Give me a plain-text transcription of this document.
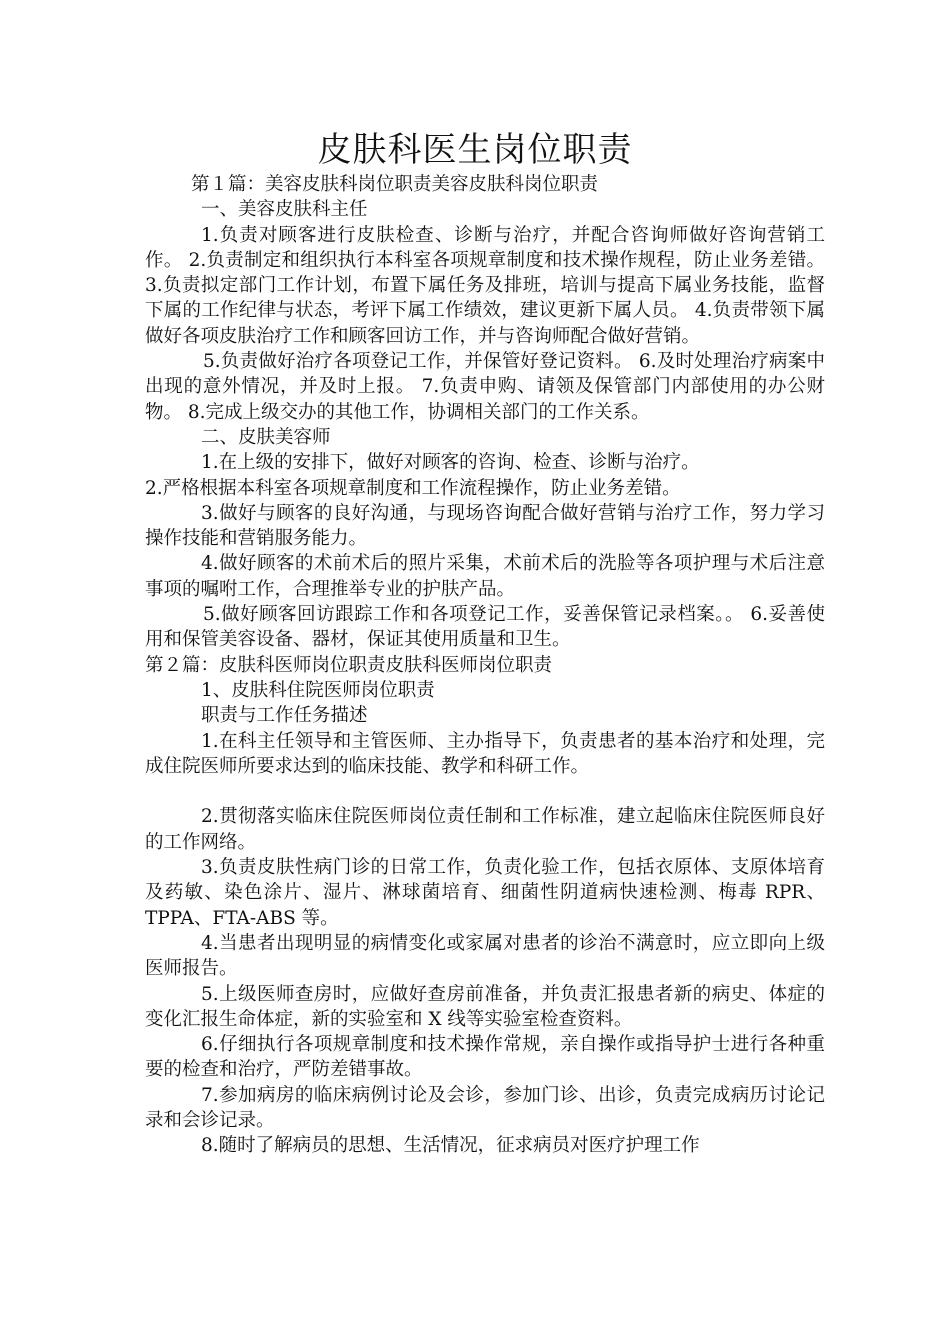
皮肤科医生岗位职责

第１篇：美容皮肤科岗位职责美容皮肤科岗位职责

一、美容皮肤科主任

1.负责对顾客进行皮肤检查、诊断与治疗，并配合咨询师做好咨询营销工作。 2.负责制定和组织执行本科室各项规章制度和技术操作规程，防止业务差错。 3.负责拟定部门工作计划，布置下属任务及排班，培训与提高下属业务技能，监督下属的工作纪律与状态，考评下属工作绩效，建议更新下属人员。 4.负责带领下属做好各项皮肤治疗工作和顾客回访工作，并与咨询师配合做好营销。

5.负责做好治疗各项登记工作，并保管好登记资料。 6.及时处理治疗病案中出现的意外情况，并及时上报。 7.负责申购、请领及保管部门内部使用的办公财物。 8.完成上级交办的其他工作，协调相关部门的工作关系。

二、皮肤美容师

1.在上级的安排下，做好对顾客的咨询、检查、诊断与治疗。

2.严格根据本科室各项规章制度和工作流程操作，防止业务差错。

3.做好与顾客的良好沟通，与现场咨询配合做好营销与治疗工作，努力学习操作技能和营销服务能力。

4.做好顾客的术前术后的照片采集，术前术后的洗脸等各项护理与术后注意事项的嘱咐工作，合理推举专业的护肤产品。

5.做好顾客回访跟踪工作和各项登记工作，妥善保管记录档案。。 6.妥善使用和保管美容设备、器材，保证其使用质量和卫生。

第２篇：皮肤科医师岗位职责皮肤科医师岗位职责

1、皮肤科住院医师岗位职责

职责与工作任务描述

1.在科主任领导和主管医师、主办指导下，负责患者的基本治疗和处理，完成住院医师所要求达到的临床技能、教学和科研工作。

2.贯彻落实临床住院医师岗位责任制和工作标准，建立起临床住院医师良好的工作网络。

3.负责皮肤性病门诊的日常工作，负责化验工作，包括衣原体、支原体培育及药敏、染色涂片、湿片、淋球菌培育、细菌性阴道病快速检测、梅毒 RPR、TPPA、FTA-ABS 等。

4.当患者出现明显的病情变化或家属对患者的诊治不满意时，应立即向上级医师报告。

5.上级医师查房时，应做好查房前准备，并负责汇报患者新的病史、体症的变化汇报生命体症，新的实验室和 X 线等实验室检查资料。

6.仔细执行各项规章制度和技术操作常规，亲自操作或指导护士进行各种重要的检查和治疗，严防差错事故。

7.参加病房的临床病例讨论及会诊，参加门诊、出诊，负责完成病历讨论记录和会诊记录。

8.随时了解病员的思想、生活情况，征求病员对医疗护理工作
